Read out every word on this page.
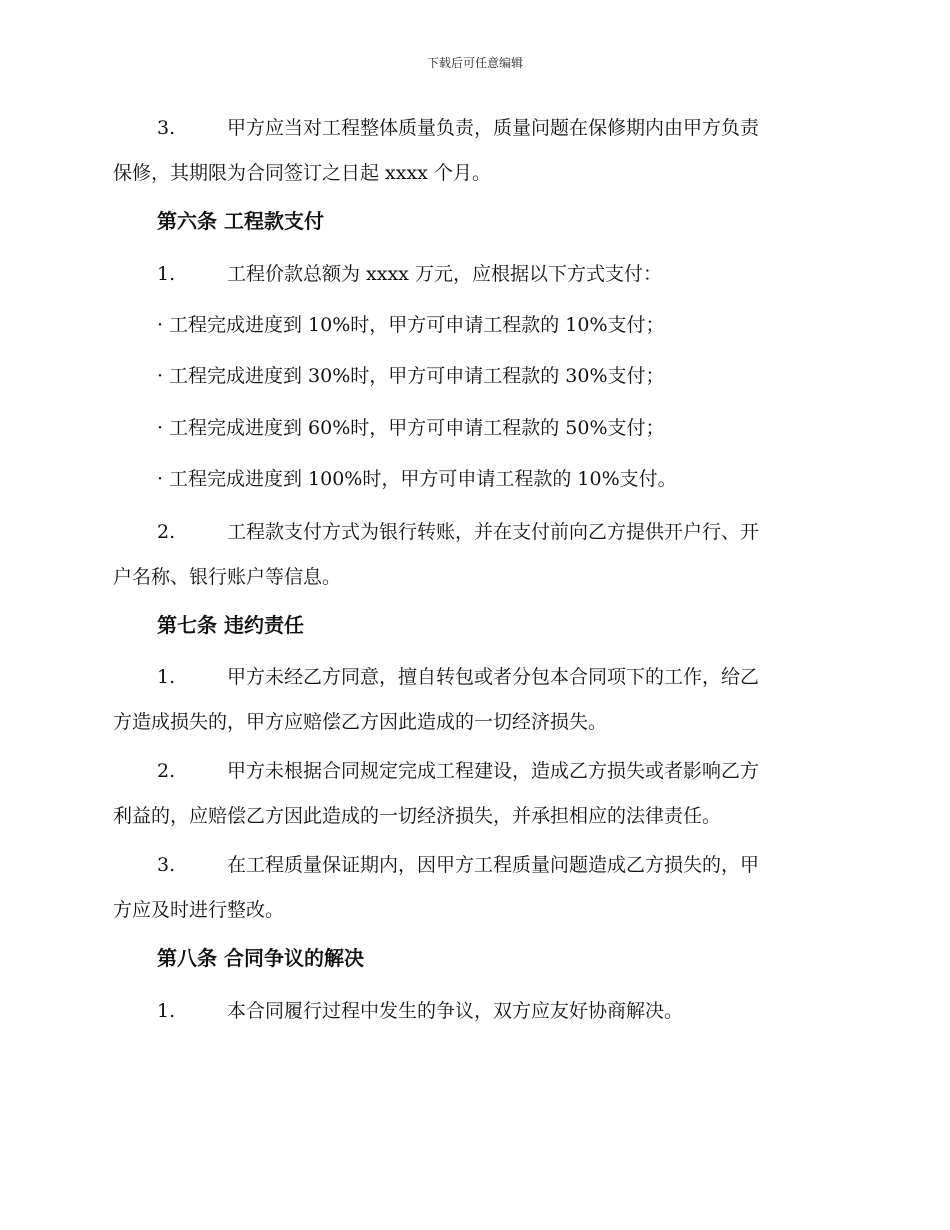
下载后可任意编辑
3.	甲方应当对工程整体质量负责，质量问题在保修期内由甲方负责
保修，其期限为合同签订之日起 xxxx 个月。
第六条 工程款支付
1.	工程价款总额为 xxxx 万元，应根据以下方式支付：
· 工程完成进度到 10%时，甲方可申请工程款的 10%支付；
· 工程完成进度到 30%时，甲方可申请工程款的 30%支付；
· 工程完成进度到 60%时，甲方可申请工程款的 50%支付；
· 工程完成进度到 100%时，甲方可申请工程款的 10%支付。
2.	工程款支付方式为银行转账，并在支付前向乙方提供开户行、开
户名称、银行账户等信息。
第七条 违约责任
1.	甲方未经乙方同意，擅自转包或者分包本合同项下的工作，给乙
方造成损失的，甲方应赔偿乙方因此造成的一切经济损失。
2.	甲方未根据合同规定完成工程建设，造成乙方损失或者影响乙方
利益的，应赔偿乙方因此造成的一切经济损失，并承担相应的法律责任。
3.	在工程质量保证期内，因甲方工程质量问题造成乙方损失的，甲
方应及时进行整改。
第八条 合同争议的解决
1.	本合同履行过程中发生的争议，双方应友好协商解决。
